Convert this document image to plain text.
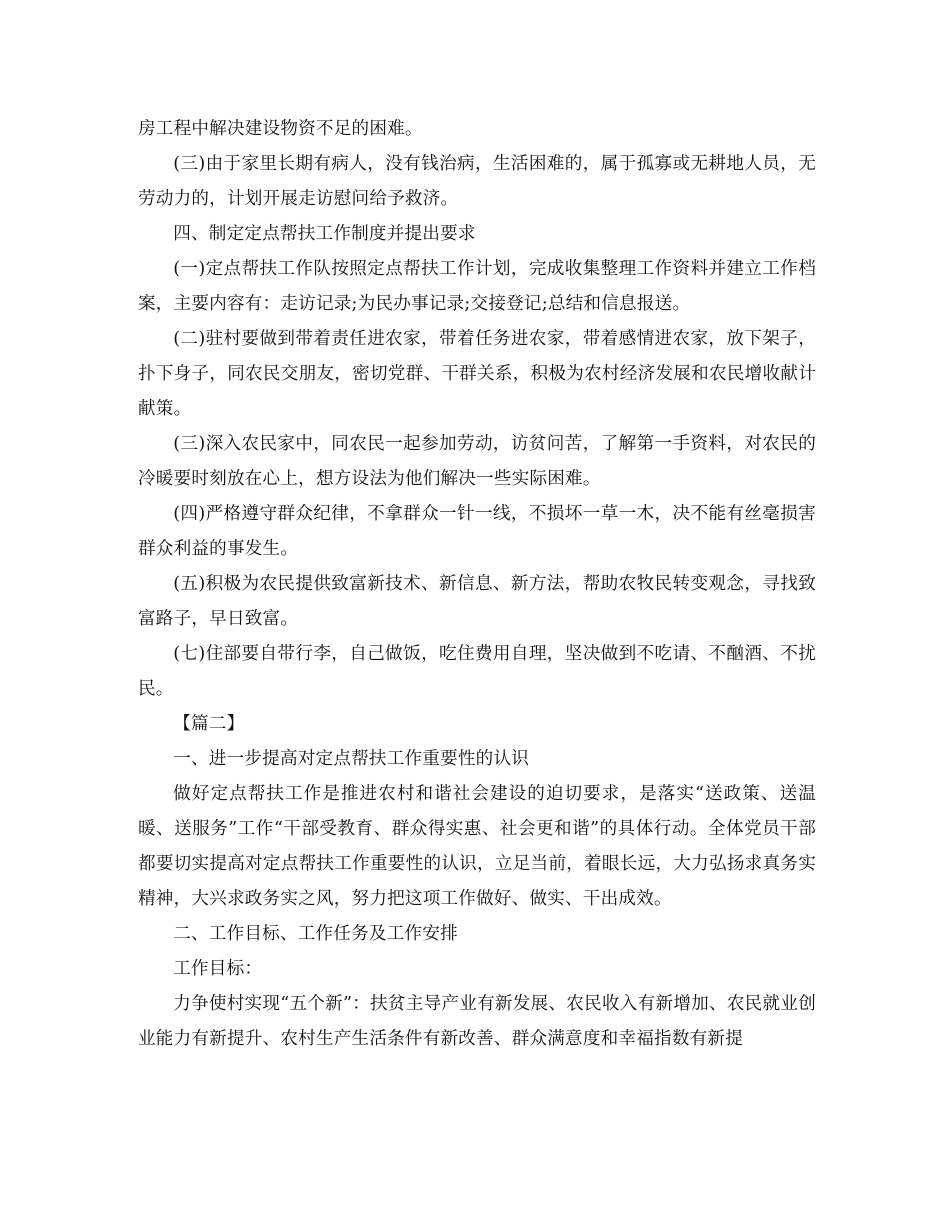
房工程中解决建设物资不足的困难。

(三)由于家里长期有病人，没有钱治病，生活困难的，属于孤寡或无耕地人员，无劳动力的，计划开展走访慰问给予救济。

四、制定定点帮扶工作制度并提出要求

(一)定点帮扶工作队按照定点帮扶工作计划，完成收集整理工作资料并建立工作档案，主要内容有：走访记录;为民办事记录;交接登记;总结和信息报送。

(二)驻村要做到带着责任进农家，带着任务进农家，带着感情进农家，放下架子，扑下身子，同农民交朋友，密切党群、干群关系，积极为农村经济发展和农民增收献计献策。

(三)深入农民家中，同农民一起参加劳动，访贫问苦，了解第一手资料，对农民的冷暖要时刻放在心上，想方设法为他们解决一些实际困难。

(四)严格遵守群众纪律，不拿群众一针一线，不损坏一草一木，决不能有丝毫损害群众利益的事发生。

(五)积极为农民提供致富新技术、新信息、新方法，帮助农牧民转变观念，寻找致富路子，早日致富。

(七)住部要自带行李，自己做饭，吃住费用自理，坚决做到不吃请、不酗酒、不扰民。

【篇二】

一、进一步提高对定点帮扶工作重要性的认识

做好定点帮扶工作是推进农村和谐社会建设的迫切要求，是落实“送政策、送温暖、送服务”工作“干部受教育、群众得实惠、社会更和谐”的具体行动。全体党员干部都要切实提高对定点帮扶工作重要性的认识，立足当前，着眼长远，大力弘扬求真务实精神，大兴求政务实之风，努力把这项工作做好、做实、干出成效。

二、工作目标、工作任务及工作安排

工作目标：

力争使村实现“五个新”：扶贫主导产业有新发展、农民收入有新增加、农民就业创业能力有新提升、农村生产生活条件有新改善、群众满意度和幸福指数有新提
